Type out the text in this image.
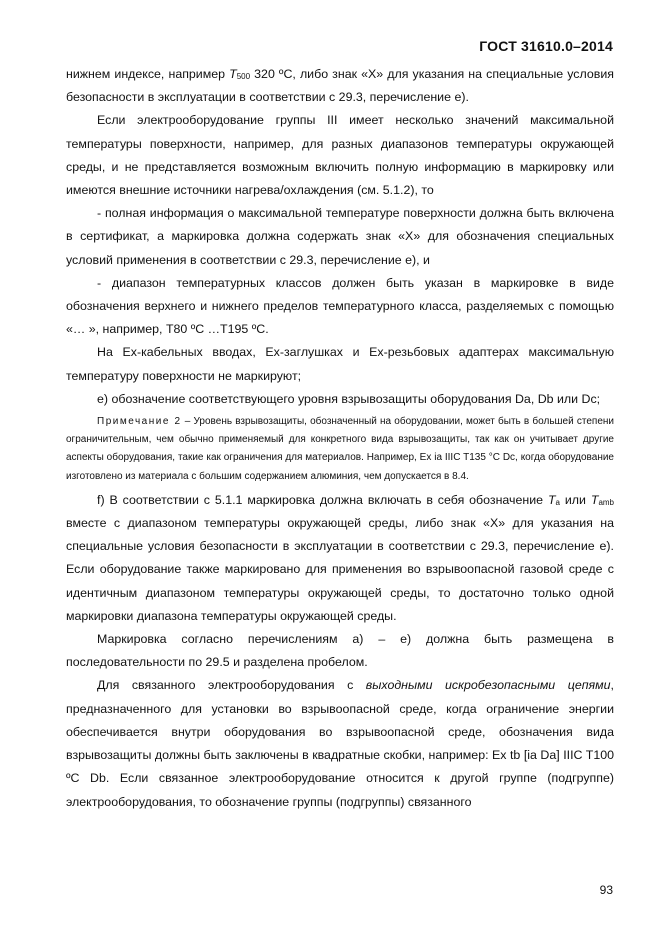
ГОСТ 31610.0–2014

нижнем индексе, например $T_{500}$ 320 ºC, либо знак «X» для указания на специальные условия безопасности в эксплуатации в соответствии с 29.3, перечисление е).

Если электрооборудование группы III имеет несколько значений максимальной температуры поверхности, например, для разных диапазонов температуры окружающей среды, и не представляется возможным включить полную информацию в маркировку или имеются внешние источники нагрева/охлаждения (см. 5.1.2), то

- полная информация о максимальной температуре поверхности должна быть включена в сертификат, а маркировка должна содержать знак «X» для обозначения специальных условий применения в соответствии с 29.3, перечисление е), и

- диапазон температурных классов должен быть указан в маркировке в виде обозначения верхнего и нижнего пределов температурного класса, разделяемых с помощью «… », например, T80 ºC …T195 ºC.

На Ex-кабельных вводах, Ex-заглушках и Ex-резьбовых адаптерах максимальную температуру поверхности не маркируют;

е) обозначение соответствующего уровня взрывозащиты оборудования Da, Db или Dc;

Примечание 2 – Уровень взрывозащиты, обозначенный на оборудовании, может быть в большей степени ограничительным, чем обычно применяемый для конкретного вида взрывозащиты, так как он учитывает другие аспекты оборудования, такие как ограничения для материалов. Например, Ex ia IIIC T135 °C Dc, когда оборудование изготовлено из материала с большим содержанием алюминия, чем допускается в 8.4.

f) В соответствии с 5.1.1 маркировка должна включать в себя обозначение $T_a$ или $T_{amb}$ вместе с диапазоном температуры окружающей среды, либо знак «X» для указания на специальные условия безопасности в эксплуатации в соответствии с 29.3, перечисление е). Если оборудование также маркировано для применения во взрывоопасной газовой среде с идентичным диапазоном температуры окружающей среды, то достаточно только одной маркировки диапазона температуры окружающей среды.

Маркировка согласно перечислениям а) – е) должна быть размещена в последовательности по 29.5 и разделена пробелом.

Для связанного электрооборудования с выходными искробезопасными цепями, предназначенного для установки во взрывоопасной среде, когда ограничение энергии обеспечивается внутри оборудования во взрывоопасной среде, обозначения вида взрывозащиты должны быть заключены в квадратные скобки, например: Ex tb [ia Da] IIIC T100 ºC Db. Если связанное электрооборудование относится к другой группе (подгруппе) электрооборудования, то обозначение группы (подгруппы) связанного

93
